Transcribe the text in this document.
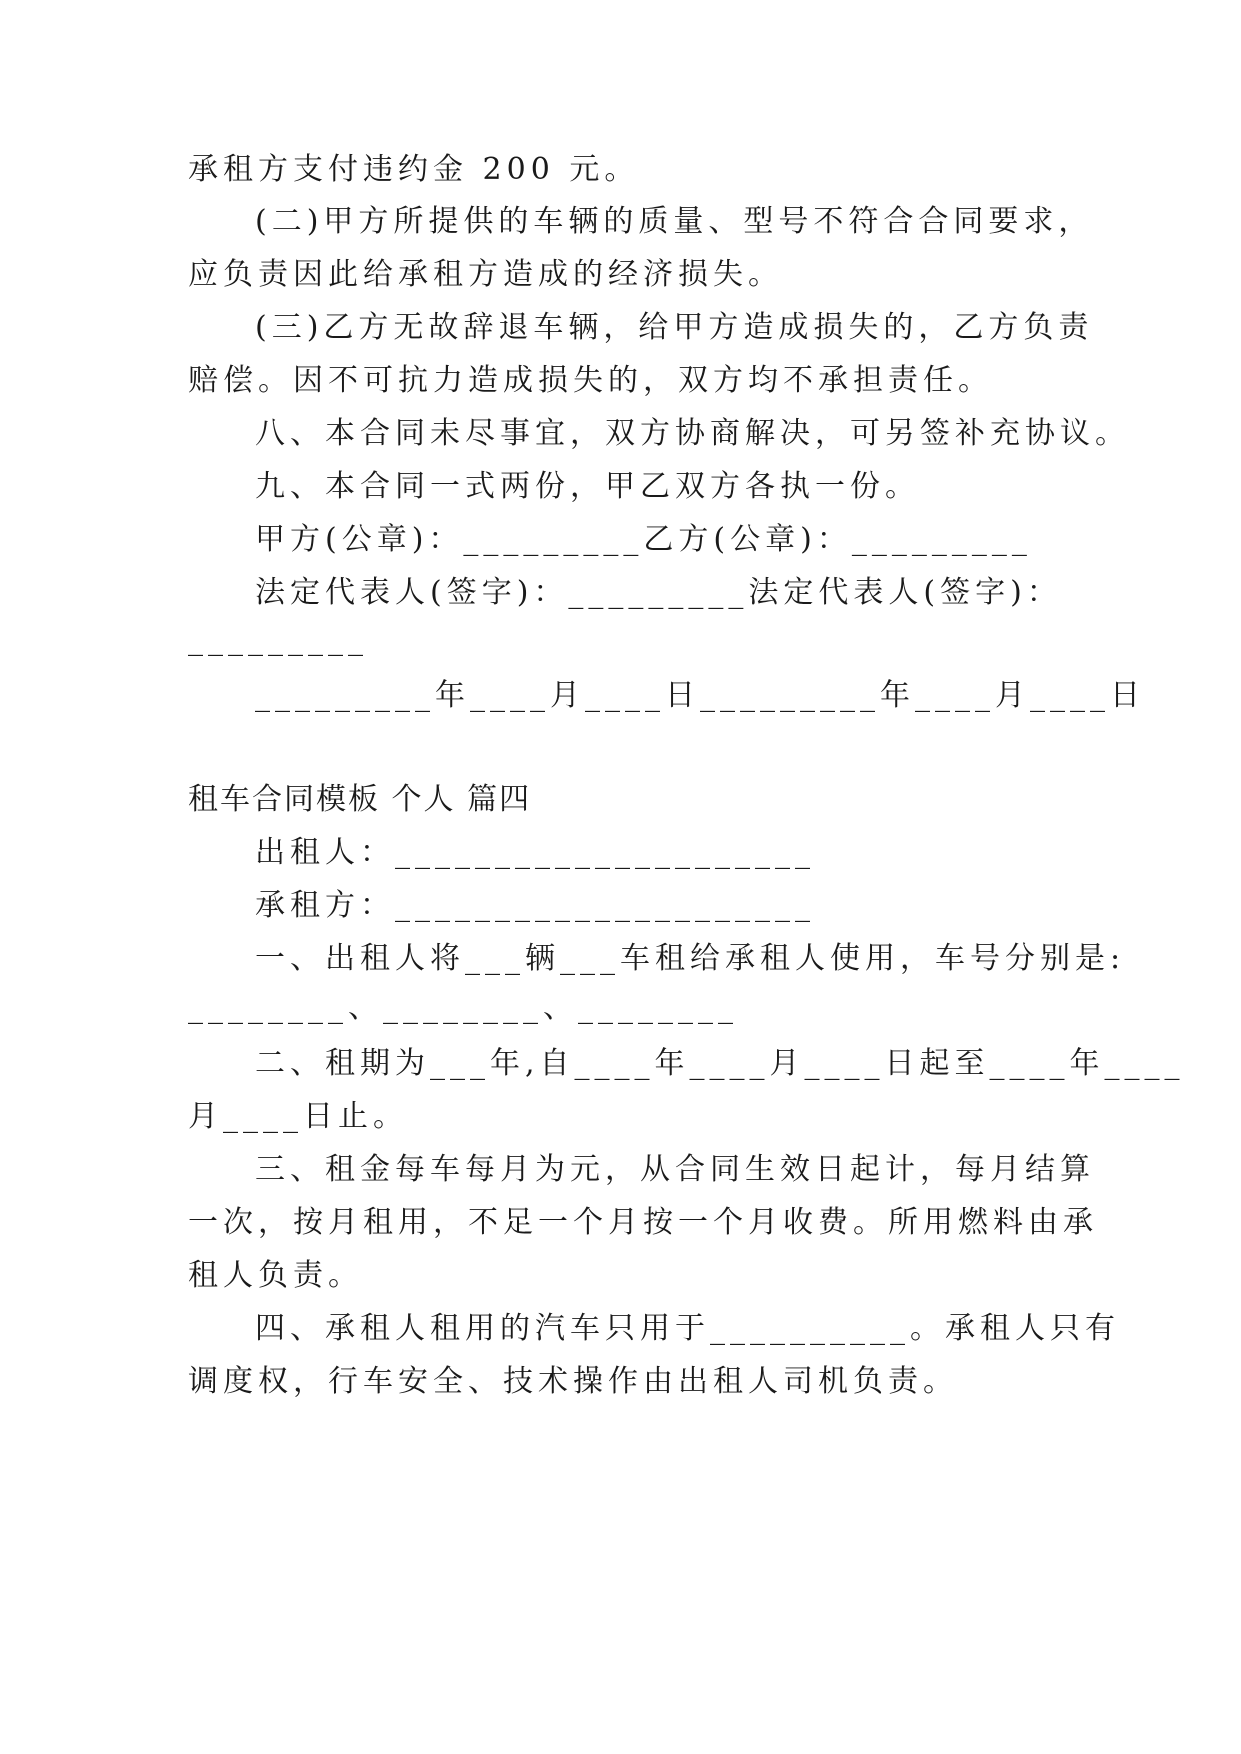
承租方支付违约金 200 元。
(二)甲方所提供的车辆的质量、型号不符合合同要求，
应负责因此给承租方造成的经济损失。
(三)乙方无故辞退车辆，给甲方造成损失的，乙方负责
赔偿。因不可抗力造成损失的，双方均不承担责任。
八、本合同未尽事宜，双方协商解决，可另签补充协议。
九、本合同一式两份，甲乙双方各执一份。
甲方(公章)：_________乙方(公章)：_________
法定代表人(签字)：_________法定代表人(签字)：
_________
_________年____月____日_________年____月____日
租车合同模板 个人 篇四
出租人：_____________________
承租方：_____________________
一、出租人将___辆___车租给承租人使用，车号分别是:
________、________、________
二、租期为___年,自____年____月____日起至____年____
月____日止。
三、租金每车每月为元，从合同生效日起计，每月结算
一次，按月租用，不足一个月按一个月收费。所用燃料由承
租人负责。
四、承租人租用的汽车只用于__________。承租人只有
调度权，行车安全、技术操作由出租人司机负责。
